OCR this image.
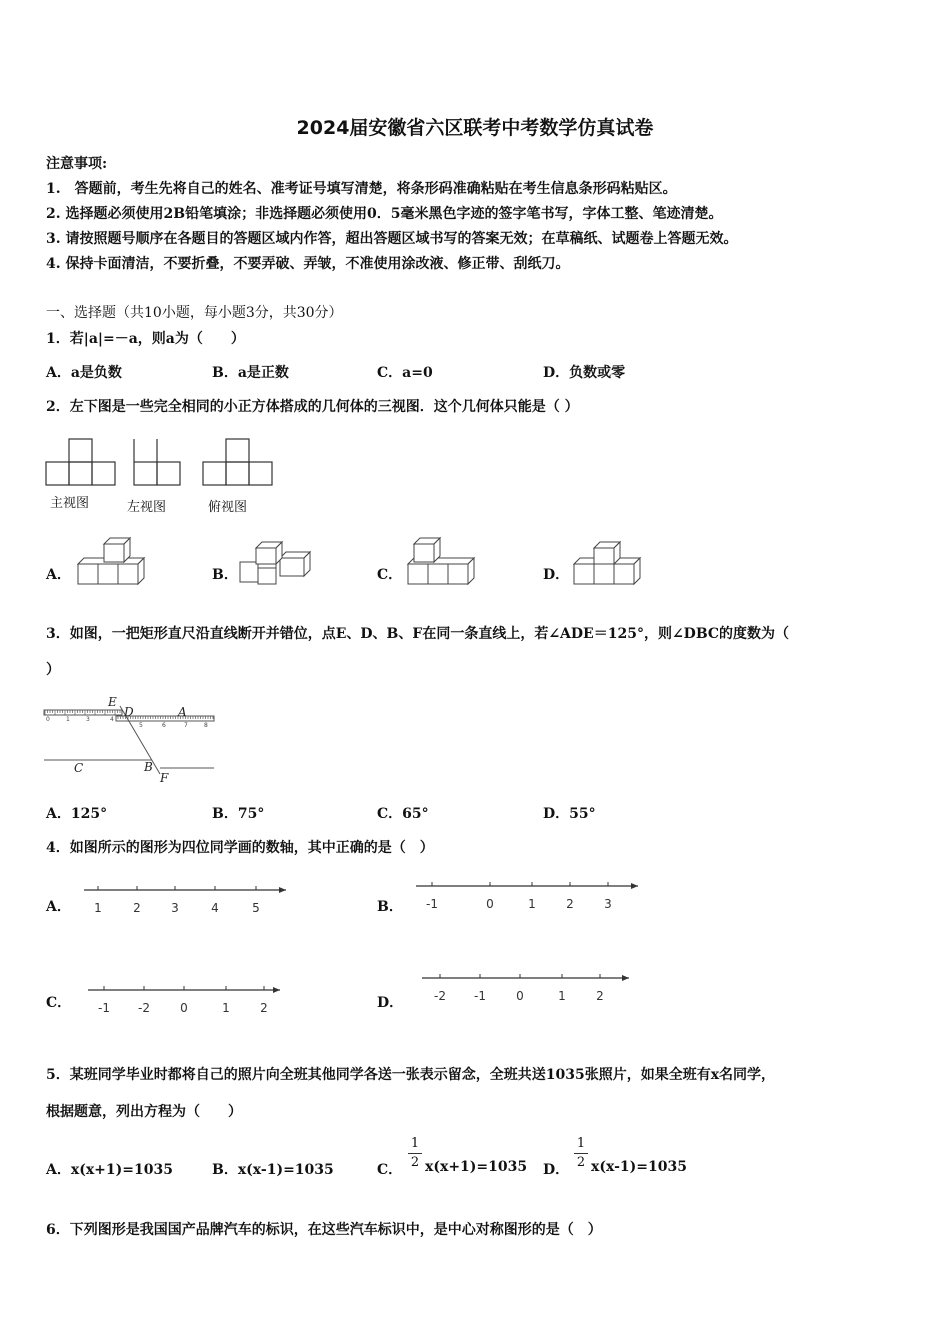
2024届安徽省六区联考中考数学仿真试卷
注意事项:
1.　答题前，考生先将自己的姓名、准考证号填写清楚，将条形码准确粘贴在考生信息条形码粘贴区。
2. 选择题必须使用2B铅笔填涂；非选择题必须使用0．5毫米黑色字迹的签字笔书写，字体工整、笔迹清楚。
3. 请按照题号顺序在各题目的答题区域内作答，超出答题区域书写的答案无效；在草稿纸、试题卷上答题无效。
4. 保持卡面清洁，不要折叠，不要弄破、弄皱，不准使用涂改液、修正带、刮纸刀。
一、选择题（共10小题，每小题3分，共30分）
1．若|a|=－a，则a为（　　）
A．a是负数	B．a是正数	C．a=0	D．负数或零
2．左下图是一些完全相同的小正方体搭成的几何体的三视图．这个几何体只能是（ ）
主视图	左视图	俯视图
A．	B．	C．	D．
3．如图，一把矩形直尺沿直线断开并错位，点E、D、B、F在同一条直线上，若∠ADE＝125°，则∠DBC的度数为（
）
E
D	A
C	B
F
0	1	3	4
5	6	7	8
A．125°	B．75°	C．65°	D．55°
4．如图所示的图形为四位同学画的数轴，其中正确的是（　）
A． 1	2	3	4	5	B． -1	0	1	2	3
C． -1 -2	0	1	2	D．	-2 -1	0	1	2
5．某班同学毕业时都将自己的照片向全班其他同学各送一张表示留念，全班共送1035张照片，如果全班有x名同学，
根据题意，列出方程为（　　）
A．x(x+1)=1035	B．x(x-1)=1035	C． $\frac{1}{2} x(x+1)=1035$ D． $\frac{1}{2} x(x-1)=1035$
6．下列图形是我国国产品牌汽车的标识，在这些汽车标识中，是中心对称图形的是（　）
